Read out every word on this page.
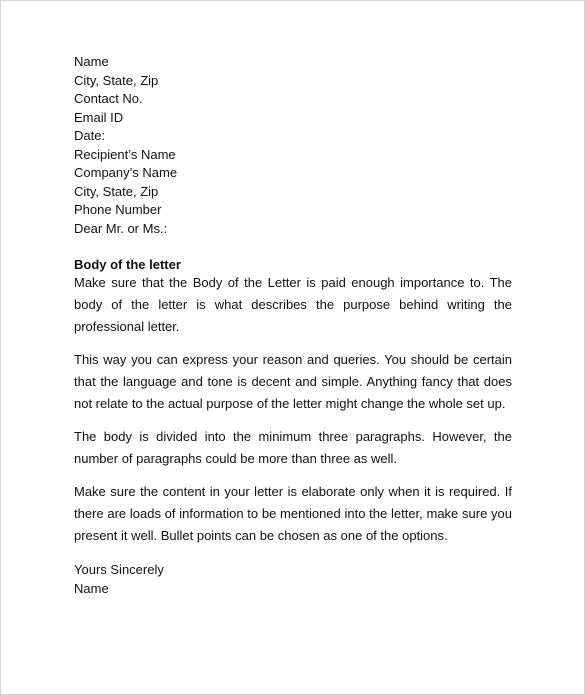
Name
City, State, Zip
Contact No.
Email ID
Date:
Recipient’s Name
Company’s Name
City, State, Zip
Phone Number
Dear Mr. or Ms.:
Body of the letter

Make sure that the Body of the Letter is paid enough importance to. The body of the letter is what describes the purpose behind writing the professional letter.

This way you can express your reason and queries. You should be certain that the language and tone is decent and simple. Anything fancy that does not relate to the actual purpose of the letter might change the whole set up.

The body is divided into the minimum three paragraphs. However, the number of paragraphs could be more than three as well.

Make sure the content in your letter is elaborate only when it is required. If there are loads of information to be mentioned into the letter, make sure you present it well. Bullet points can be chosen as one of the options.

Yours Sincerely
Name
